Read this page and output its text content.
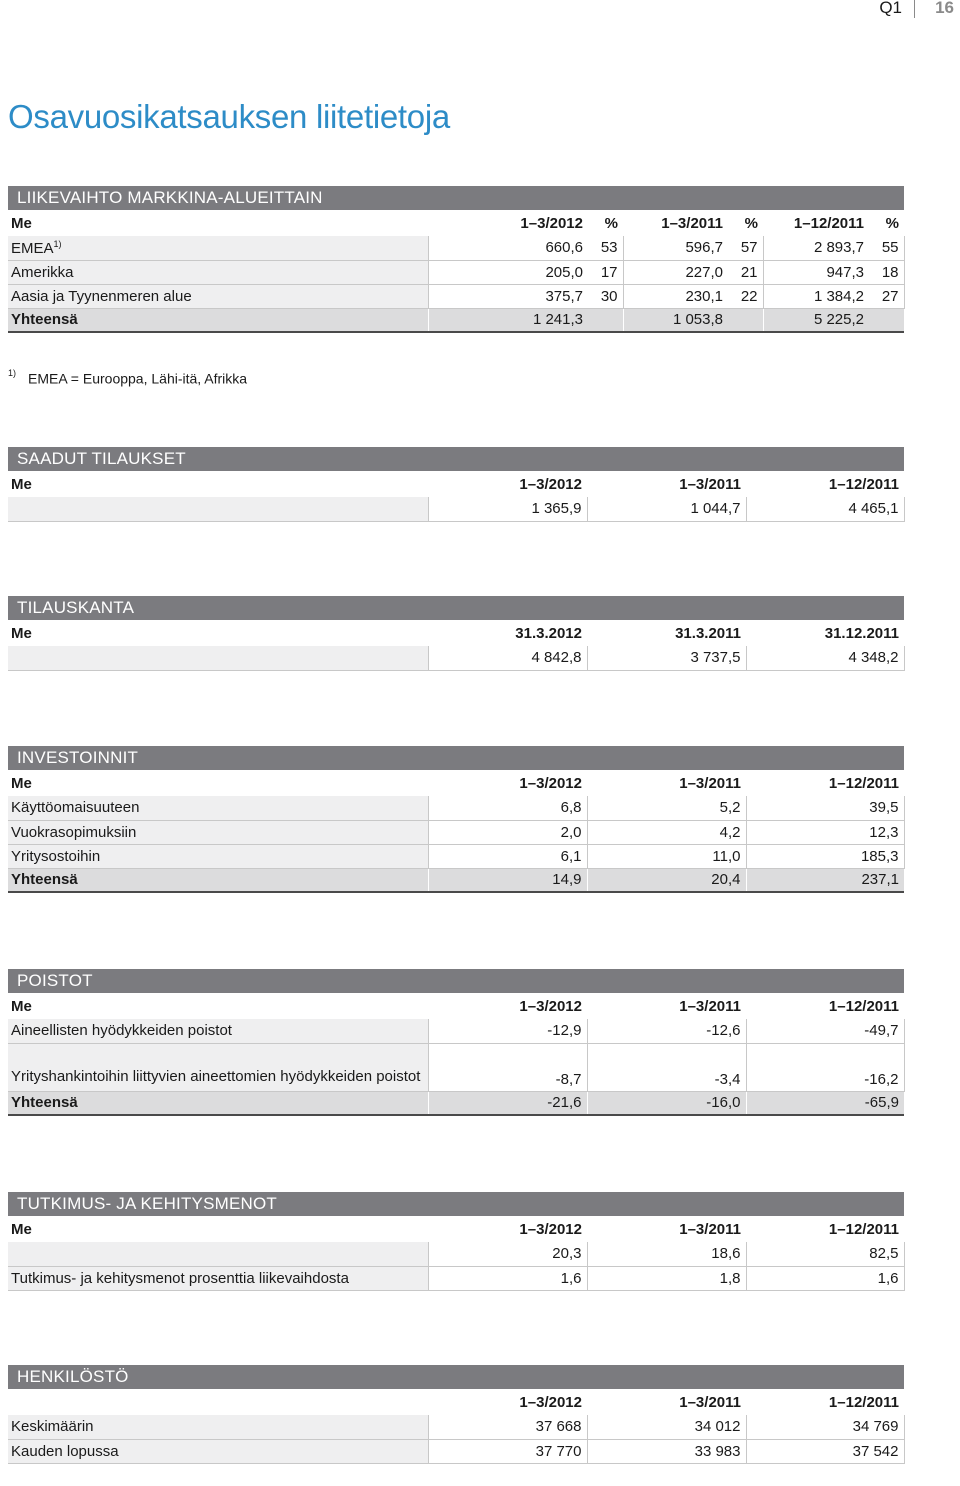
Q1 16
Osavuosikatsauksen liitetietoja
LIIKEVAIHTO MARKKINA-ALUEITTAIN
Me	1–3/2012	%	1–3/2011	%	1–12/2011	%
EMEA$^{1)}$	660,6	53	596,7	57	2 893,7	55
Amerikka	205,0	17	227,0	21	947,3	18
Aasia ja Tyynenmeren alue	375,7	30	230,1	22	1 384,2	27
Yhteensä	1 241,3		1 053,8		5 225,2	
$^{1)}$ EMEA = Eurooppa, Lähi-itä, Afrikka
SAADUT TILAUKSET
Me	1–3/2012	1–3/2011	1–12/2011
	1 365,9	1 044,7	4 465,1
TILAUSKANTA
Me	31.3.2012	31.3.2011	31.12.2011
	4 842,8	3 737,5	4 348,2
INVESTOINNIT
Me	1–3/2012	1–3/2011	1–12/2011
Käyttöomaisuuteen	6,8	5,2	39,5
Vuokrasopimuksiin	2,0	4,2	12,3
Yritysostoihin	6,1	11,0	185,3
Yhteensä	14,9	20,4	237,1
POISTOT
Me	1–3/2012	1–3/2011	1–12/2011
Aineellisten hyödykkeiden poistot	-12,9	-12,6	-49,7
Yrityshankintoihin liittyvien aineettomien hyödykkeiden poistot	-8,7	-3,4	-16,2
Yhteensä	-21,6	-16,0	-65,9
TUTKIMUS- JA KEHITYSMENOT
Me	1–3/2012	1–3/2011	1–12/2011
	20,3	18,6	82,5
Tutkimus- ja kehitysmenot prosenttia liikevaihdosta	1,6	1,8	1,6
HENKILÖSTÖ
	1–3/2012	1–3/2011	1–12/2011
Keskimäärin	37 668	34 012	34 769
Kauden lopussa	37 770	33 983	37 542
